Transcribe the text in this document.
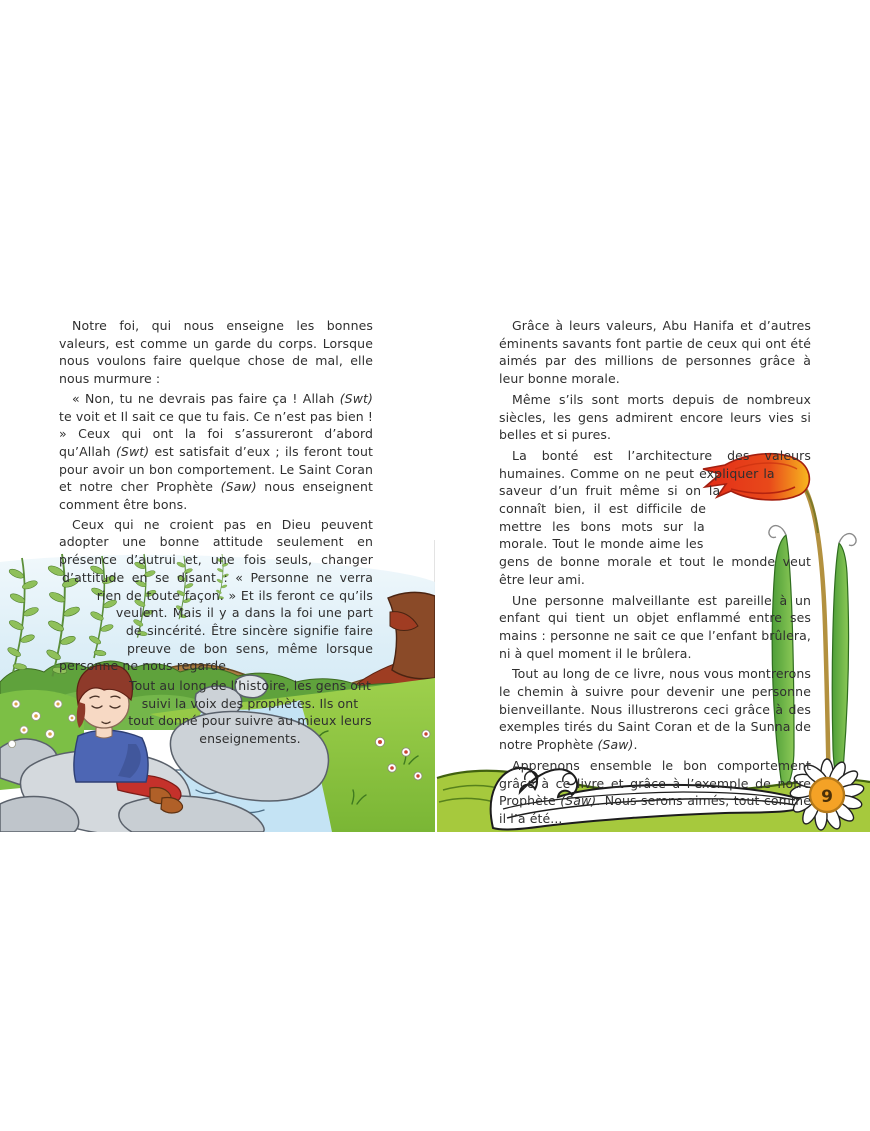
Notre foi, qui nous enseigne les bonnes valeurs, est comme un garde du corps. Lorsque nous voulons faire quelque chose de mal, elle nous murmure :

« Non, tu ne devrais pas faire ça ! Allah (Swt) te voit et Il sait ce que tu fais. Ce n’est pas bien ! » Ceux qui ont la foi s’assureront d’abord qu’Allah (Swt) est satisfait d’eux ; ils feront tout pour avoir un bon comportement. Le Saint Coran et notre cher Prophète (Saw) nous enseignent comment être bons.

Ceux qui ne croient pas en Dieu peuvent adopter une bonne attitude seulement en présence d’autrui et, une fois seuls, changer d’attitude en se disant : « Personne ne verra rien de toute façon. » Et ils feront ce qu’ils veulent. Mais il y a dans la foi une part de sincérité. Être sincère signifie faire preuve de bon sens, même lorsque personne ne nous regarde.

Tout au long de l’histoire, les gens ont suivi la voix des prophètes. Ils ont tout donné pour suivre au mieux leurs enseignements.

9

Grâce à leurs valeurs, Abu Hanifa et d’autres éminents savants font partie de ceux qui ont été aimés par des millions de personnes grâce à leur bonne morale.

Même s’ils sont morts depuis de nombreux siècles, les gens admirent encore leurs vies si belles et si pures.

La bonté est l’architecture des valeurs humaines. Comme on ne peut expliquer la saveur d’un fruit même si on la connaît bien, il est difficile de mettre les bons mots sur la morale. Tout le monde aime les gens de bonne morale et tout le monde veut être leur ami.

Une personne malveillante est pareille à un enfant qui tient un objet enflammé entre ses mains : personne ne sait ce que l’enfant brûlera, ni à quel moment il le brûlera.

Tout au long de ce livre, nous vous montrerons le chemin à suivre pour devenir une personne bienveillante. Nous illustrerons ceci grâce à des exemples tirés du Saint Coran et de la Sunna de notre Prophète (Saw).

Apprenons ensemble le bon comportement grâce à ce livre et grâce à l’exemple de notre Prophète (Saw). Nous serons aimés, tout comme il l’a été...
